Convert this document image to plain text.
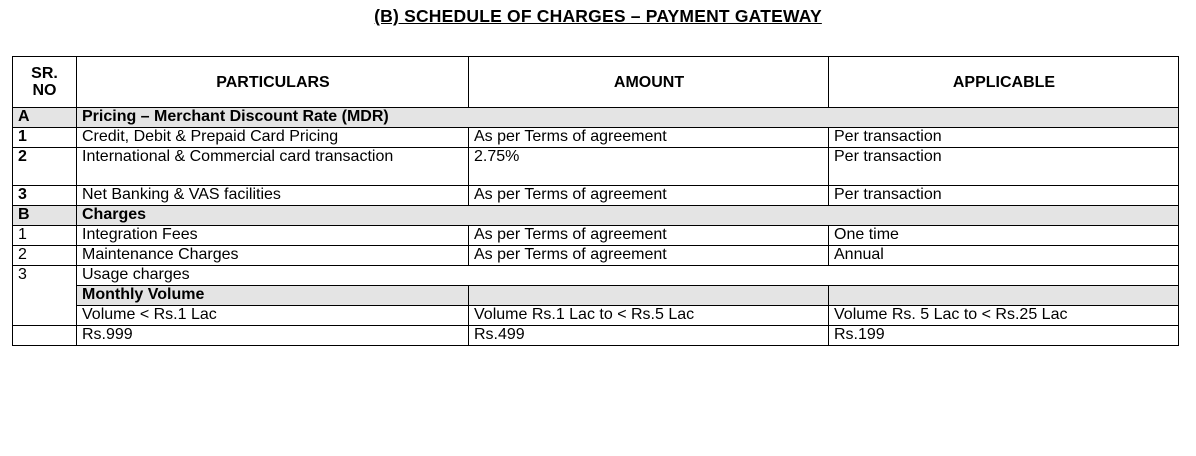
(B) SCHEDULE OF CHARGES – PAYMENT GATEWAY
SR.
NO	PARTICULARS	AMOUNT	APPLICABLE
A	Pricing – Merchant Discount Rate (MDR)		
1	Credit, Debit & Prepaid Card Pricing	As per Terms of agreement	Per transaction
2	International & Commercial card transaction	2.75%	Per transaction
3	Net Banking & VAS facilities	As per Terms of agreement	Per transaction
B	Charges		
1	Integration Fees	As per Terms of agreement	One time
2	Maintenance Charges	As per Terms of agreement	Annual
3	Usage charges		
	Monthly Volume		
	Volume < Rs.1 Lac	Volume Rs.1 Lac to < Rs.5 Lac	Volume Rs. 5 Lac to < Rs.25 Lac
	Rs.999	Rs.499	Rs.199
